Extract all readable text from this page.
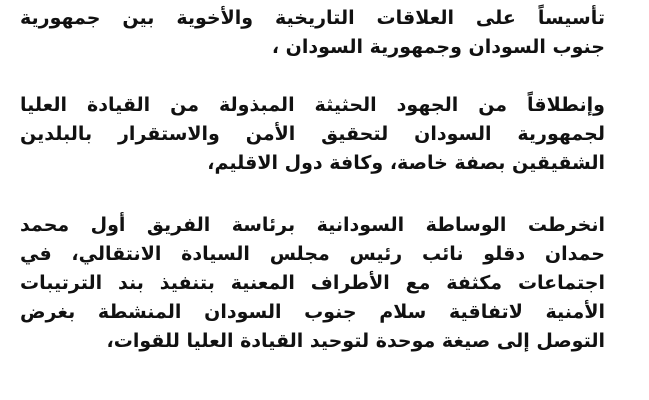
تأسيساً على العلاقات التاريخية والأخوية بين جمهورية
جنوب السودان وجمهورية السودان ،
وإنطلاقاً من الجهود الحثيثة المبذولة من القيادة العليا
لجمهورية السودان لتحقيق الأمن والاستقرار بالبلدين
الشقيقين بصفة خاصة، وكافة دول الاقليم،
انخرطت الوساطة السودانية برئاسة الفريق أول محمد
حمدان دقلو نائب رئيس مجلس السيادة الانتقالي، في
اجتماعات مكثفة مع الأطراف المعنية بتنفيذ بند الترتيبات
الأمنية لاتفاقية سلام جنوب السودان المنشطة بغرض
التوصل إلى صيغة موحدة لتوحيد القيادة العليا للقوات،
